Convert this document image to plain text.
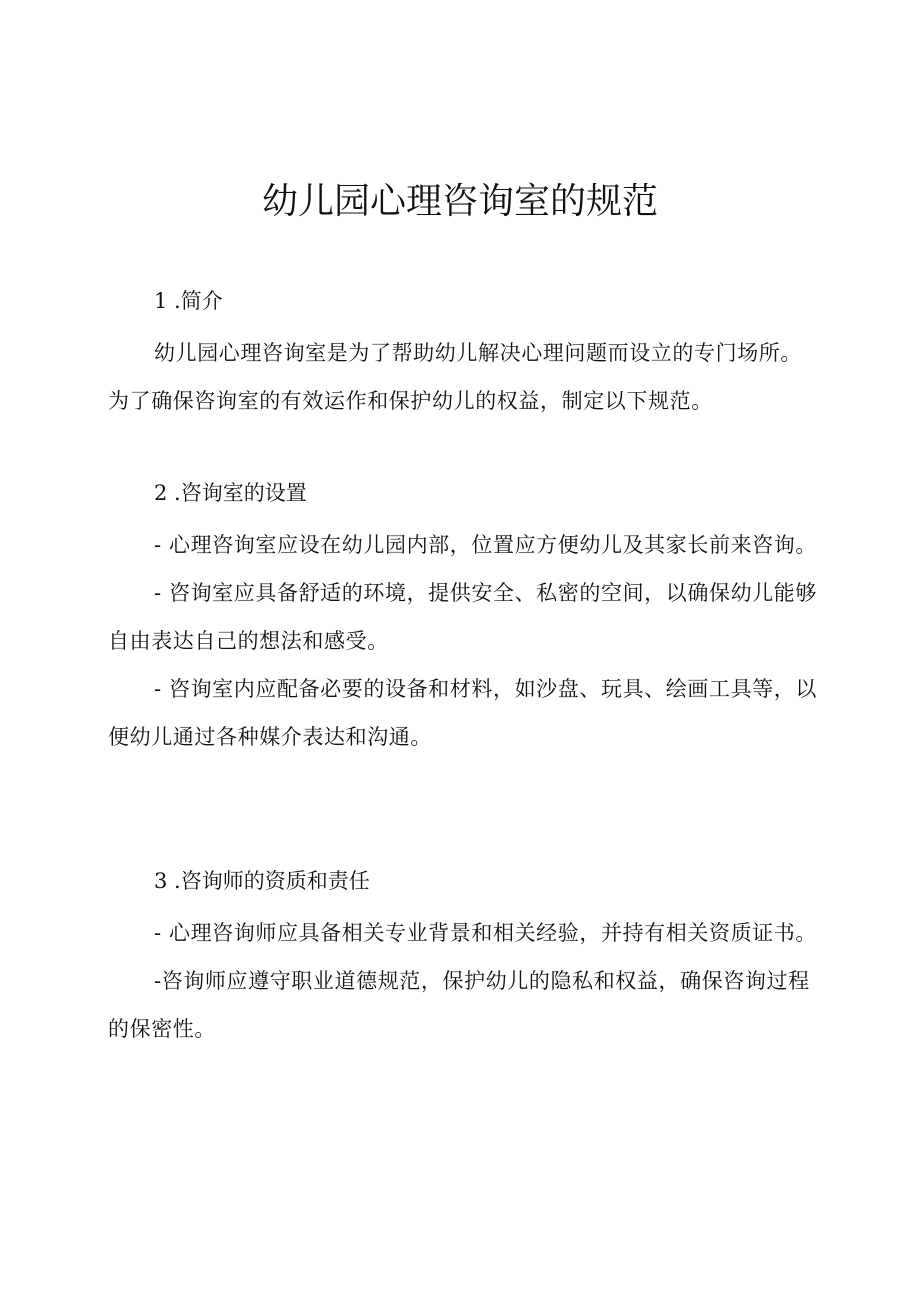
幼儿园心理咨询室的规范

1 .简介

幼儿园心理咨询室是为了帮助幼儿解决心理问题而设立的专门场所。为了确保咨询室的有效运作和保护幼儿的权益，制定以下规范。

2 .咨询室的设置

- 心理咨询室应设在幼儿园内部，位置应方便幼儿及其家长前来咨询。

- 咨询室应具备舒适的环境，提供安全、私密的空间，以确保幼儿能够自由表达自己的想法和感受。

- 咨询室内应配备必要的设备和材料，如沙盘、玩具、绘画工具等，以便幼儿通过各种媒介表达和沟通。

3 .咨询师的资质和责任

- 心理咨询师应具备相关专业背景和相关经验，并持有相关资质证书。

-咨询师应遵守职业道德规范，保护幼儿的隐私和权益，确保咨询过程的保密性。
